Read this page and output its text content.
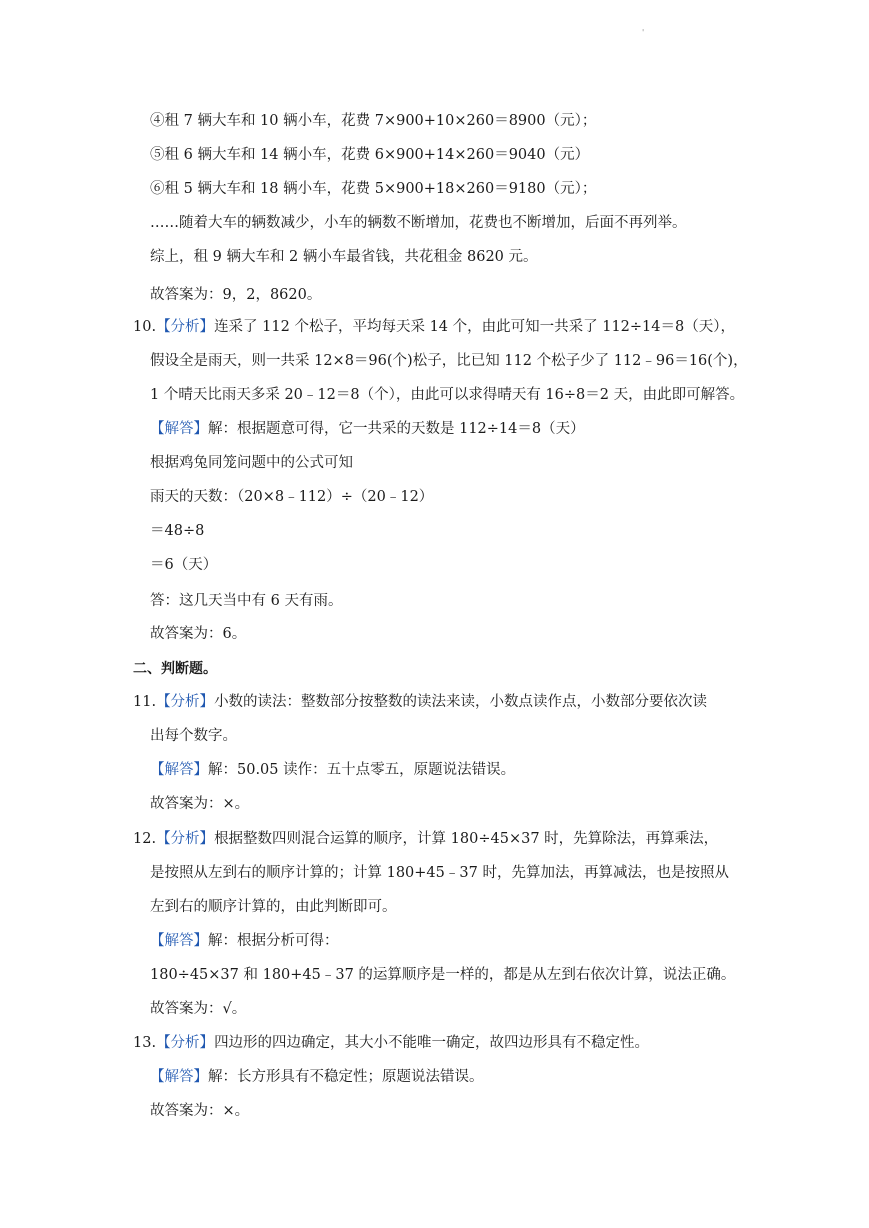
'
④租 7 辆大车和 10 辆小车，花费 7×900+10×260＝8900（元）；
⑤租 6 辆大车和 14 辆小车，花费 6×900+14×260＝9040（元）
⑥租 5 辆大车和 18 辆小车，花费 5×900+18×260＝9180（元）；
……随着大车的辆数减少，小车的辆数不断增加，花费也不断增加，后面不再列举。
综上，租 9 辆大车和 2 辆小车最省钱，共花租金 8620 元。
故答案为：9，2，8620。
10.【分析】连采了 112 个松子，平均每天采 14 个，由此可知一共采了 112÷14＝8（天），
假设全是雨天，则一共采 12×8＝96(个)松子，比已知 112 个松子少了 112﹣96＝16(个)，
1 个晴天比雨天多采 20﹣12＝8（个），由此可以求得晴天有 16÷8＝2 天，由此即可解答。
【解答】解：根据题意可得，它一共采的天数是 112÷14＝8（天）
根据鸡兔同笼问题中的公式可知
雨天的天数：（20×8﹣112）÷（20﹣12）
＝48÷8
＝6（天）
答：这几天当中有 6 天有雨。
故答案为：6。
二、判断题。
11.【分析】小数的读法：整数部分按整数的读法来读，小数点读作点，小数部分要依次读
出每个数字。
【解答】解：50.05 读作：五十点零五，原题说法错误。
故答案为：×。
12.【分析】根据整数四则混合运算的顺序，计算 180÷45×37 时，先算除法，再算乘法，
是按照从左到右的顺序计算的；计算 180+45﹣37 时，先算加法，再算减法，也是按照从
左到右的顺序计算的，由此判断即可。
【解答】解：根据分析可得：
180÷45×37 和 180+45﹣37 的运算顺序是一样的，都是从左到右依次计算，说法正确。
故答案为：√。
13.【分析】四边形的四边确定，其大小不能唯一确定，故四边形具有不稳定性。
【解答】解：长方形具有不稳定性；原题说法错误。
故答案为：×。
